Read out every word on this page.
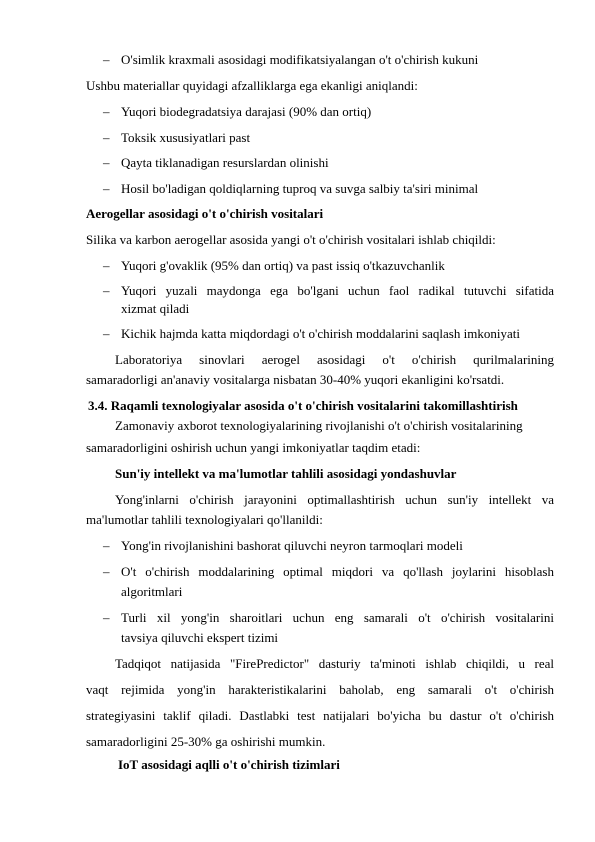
– O'simlik kraxmali asosidagi modifikatsiyalangan o't o'chirish kukuni
Ushbu materiallar quyidagi afzalliklarga ega ekanligi aniqlandi:
– Yuqori biodegradatsiya darajasi (90% dan ortiq)
– Toksik xususiyatlari past
– Qayta tiklanadigan resurslardan olinishi
– Hosil bo'ladigan qoldiqlarning tuproq va suvga salbiy ta'siri minimal
Aerogellar asosidagi o't o'chirish vositalari
Silika va karbon aerogellar asosida yangi o't o'chirish vositalari ishlab chiqildi:
– Yuqori g'ovaklik (95% dan ortiq) va past issiq o'tkazuvchanlik
– Yuqori yuzali maydonga ega bo'lgani uchun faol radikal tutuvchi sifatida
xizmat qiladi
– Kichik hajmda katta miqdordagi o't o'chirish moddalarini saqlash imkoniyati
Laboratoriya sinovlari aerogel asosidagi o't o'chirish qurilmalarining
samaradorligi an'anaviy vositalarga nisbatan 30-40% yuqori ekanligini ko'rsatdi.
3.4. Raqamli texnologiyalar asosida o't o'chirish vositalarini takomillashtirish
Zamonaviy axborot texnologiyalarining rivojlanishi o't o'chirish vositalarining
samaradorligini oshirish uchun yangi imkoniyatlar taqdim etadi:
Sun'iy intellekt va ma'lumotlar tahlili asosidagi yondashuvlar
Yong'inlarni o'chirish jarayonini optimallashtirish uchun sun'iy intellekt va
ma'lumotlar tahlili texnologiyalari qo'llanildi:
– Yong'in rivojlanishini bashorat qiluvchi neyron tarmoqlari modeli
– O't o'chirish moddalarining optimal miqdori va qo'llash joylarini hisoblash
algoritmlari
– Turli xil yong'in sharoitlari uchun eng samarali o't o'chirish vositalarini
tavsiya qiluvchi ekspert tizimi
Tadqiqot natijasida "FirePredictor" dasturiy ta'minoti ishlab chiqildi, u real
vaqt rejimida yong'in harakteristikalarini baholab, eng samarali o't o'chirish
strategiyasini taklif qiladi. Dastlabki test natijalari bo'yicha bu dastur o't o'chirish
samaradorligini 25-30% ga oshirishi mumkin.
IoT asosidagi aqlli o't o'chirish tizimlari
